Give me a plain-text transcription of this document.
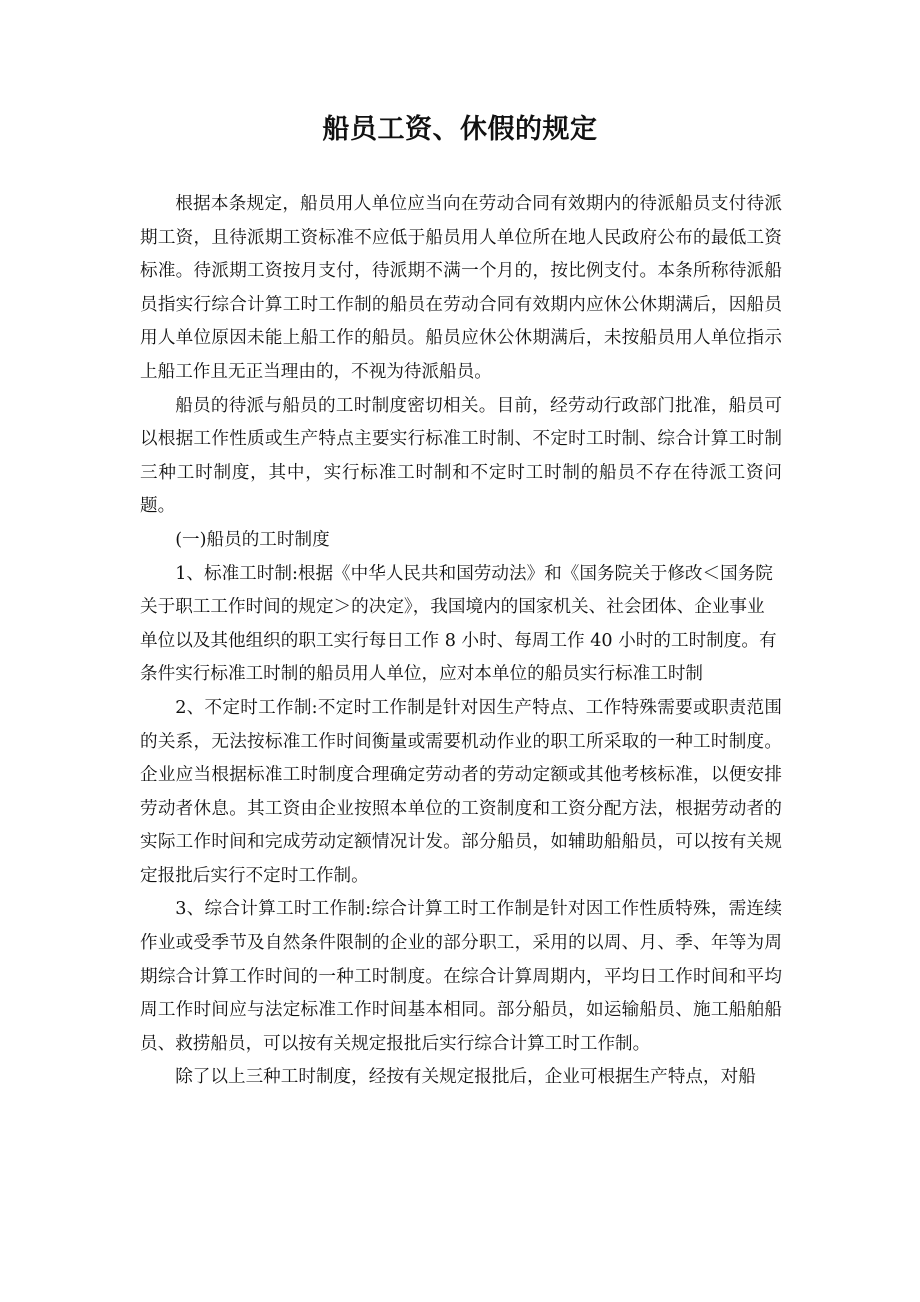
船员工资、休假的规定

根据本条规定，船员用人单位应当向在劳动合同有效期内的待派船员支付待派期工资，且待派期工资标准不应低于船员用人单位所在地人民政府公布的最低工资标准。待派期工资按月支付，待派期不满一个月的，按比例支付。本条所称待派船员指实行综合计算工时工作制的船员在劳动合同有效期内应休公休期满后，因船员用人单位原因未能上船工作的船员。船员应休公休期满后，未按船员用人单位指示上船工作且无正当理由的，不视为待派船员。

船员的待派与船员的工时制度密切相关。目前，经劳动行政部门批准，船员可以根据工作性质或生产特点主要实行标准工时制、不定时工时制、综合计算工时制三种工时制度，其中，实行标准工时制和不定时工时制的船员不存在待派工资问题。

(一)船员的工时制度

1、标准工时制:根据《中华人民共和国劳动法》和《国务院关于修改＜国务院关于职工工作时间的规定＞的决定》，我国境内的国家机关、社会团体、企业事业单位以及其他组织的职工实行每日工作 8 小时、每周工作 40 小时的工时制度。有条件实行标准工时制的船员用人单位，应对本单位的船员实行标准工时制

2、不定时工作制:不定时工作制是针对因生产特点、工作特殊需要或职责范围的关系，无法按标准工作时间衡量或需要机动作业的职工所采取的一种工时制度。企业应当根据标准工时制度合理确定劳动者的劳动定额或其他考核标准，以便安排劳动者休息。其工资由企业按照本单位的工资制度和工资分配方法，根据劳动者的实际工作时间和完成劳动定额情况计发。部分船员，如辅助船船员，可以按有关规定报批后实行不定时工作制。

3、综合计算工时工作制:综合计算工时工作制是针对因工作性质特殊，需连续作业或受季节及自然条件限制的企业的部分职工，采用的以周、月、季、年等为周期综合计算工作时间的一种工时制度。在综合计算周期内，平均日工作时间和平均周工作时间应与法定标准工作时间基本相同。部分船员，如运输船员、施工船舶船员、救捞船员，可以按有关规定报批后实行综合计算工时工作制。

除了以上三种工时制度，经按有关规定报批后，企业可根据生产特点，对船
